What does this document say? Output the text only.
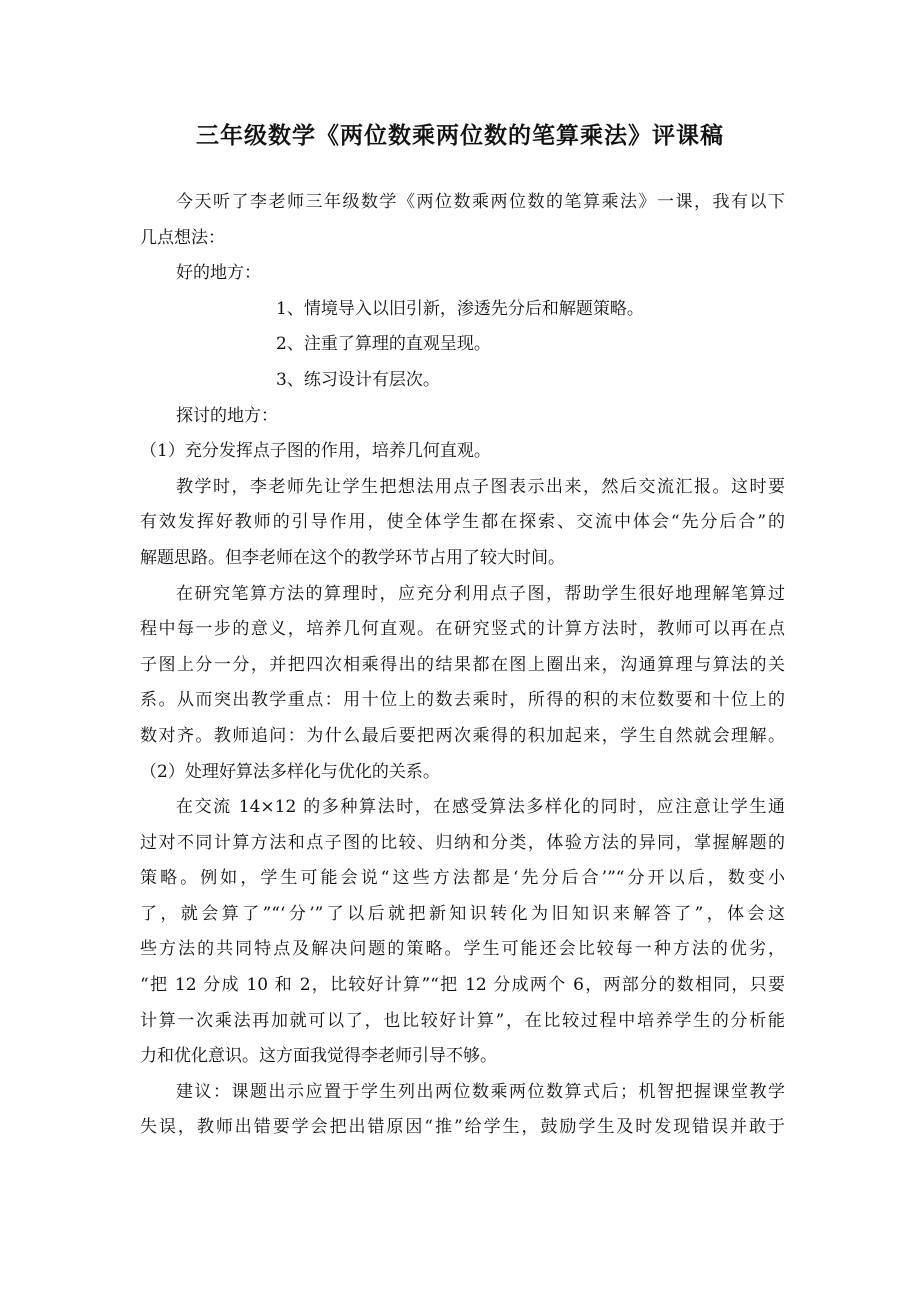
三年级数学《两位数乘两位数的笔算乘法》评课稿
今天听了李老师三年级数学《两位数乘两位数的笔算乘法》一课，我有以下
几点想法：
好的地方：
1、情境导入以旧引新，渗透先分后和解题策略。
2、注重了算理的直观呈现。
3、练习设计有层次。
探讨的地方：
（1）充分发挥点子图的作用，培养几何直观。
教学时，李老师先让学生把想法用点子图表示出来，然后交流汇报。这时要
有效发挥好教师的引导作用，使全体学生都在探索、交流中体会“先分后合”的
解题思路。但李老师在这个的教学环节占用了较大时间。
在研究笔算方法的算理时，应充分利用点子图，帮助学生很好地理解笔算过
程中每一步的意义，培养几何直观。在研究竖式的计算方法时，教师可以再在点
子图上分一分，并把四次相乘得出的结果都在图上圈出来，沟通算理与算法的关
系。从而突出教学重点：用十位上的数去乘时，所得的积的末位数要和十位上的
数对齐。教师追问：为什么最后要把两次乘得的积加起来，学生自然就会理解。
（2）处理好算法多样化与优化的关系。
在交流 14×12 的多种算法时，在感受算法多样化的同时，应注意让学生通
过对不同计算方法和点子图的比较、归纳和分类，体验方法的异同，掌握解题的
策略。例如，学生可能会说“这些方法都是‘先分后合’”“分开以后，数变小
了，就会算了”“‘分’”了以后就把新知识转化为旧知识来解答了”，体会这
些方法的共同特点及解决问题的策略。学生可能还会比较每一种方法的优劣，
“把 12 分成 10 和 2，比较好计算”“把 12 分成两个 6，两部分的数相同，只要
计算一次乘法再加就可以了，也比较好计算”，在比较过程中培养学生的分析能
力和优化意识。这方面我觉得李老师引导不够。
建议：课题出示应置于学生列出两位数乘两位数算式后；机智把握课堂教学
失误，教师出错要学会把出错原因“推”给学生，鼓励学生及时发现错误并敢于
